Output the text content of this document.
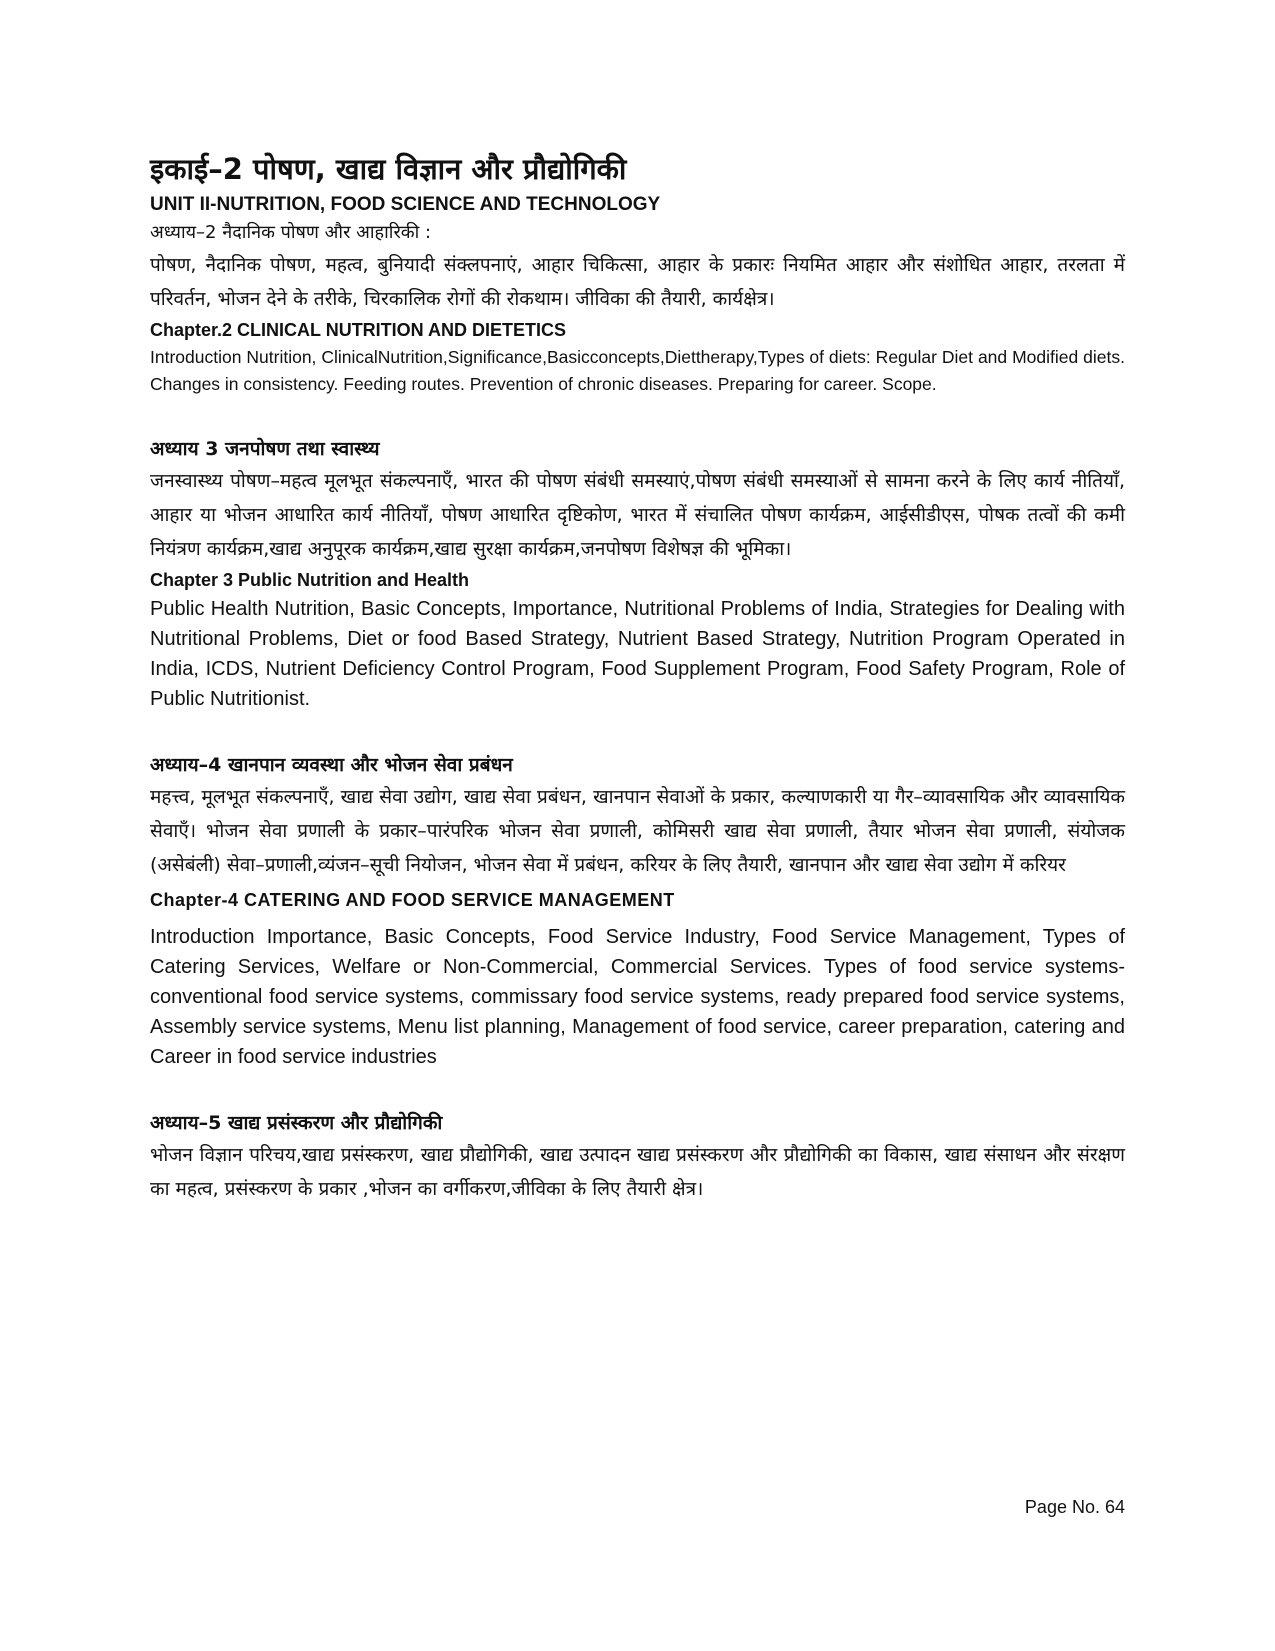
इकाई–2 पोषण, खाद्य विज्ञान और प्रौद्योगिकी
UNIT II-NUTRITION, FOOD SCIENCE AND TECHNOLOGY

अध्याय–2 नैदानिक पोषण और आहारिकी :

पोषण, नैदानिक पोषण, महत्व, बुनियादी संक्लपनाएं, आहार चिकित्सा, आहार के प्रकारः नियमित आहार और संशोधित आहार, तरलता में परिवर्तन, भोजन देने के तरीके, चिरकालिक रोगों की रोकथाम। जीविका की तैयारी, कार्यक्षेत्र।

Chapter.2 CLINICAL NUTRITION AND DIETETICS

Introduction Nutrition, ClinicalNutrition,Significance,Basicconcepts,Diettherapy,Types of diets: Regular Diet and Modified diets. Changes in consistency. Feeding routes. Prevention of chronic diseases. Preparing for career. Scope.

अध्याय 3 जनपोषण तथा स्वास्थ्य

जनस्वास्थ्य पोषण–महत्व मूलभूत संकल्पनाएँ, भारत की पोषण संबंधी समस्याएं,पोषण संबंधी समस्याओं से सामना करने के लिए कार्य नीतियाँ, आहार या भोजन आधारित कार्य नीतियाँ, पोषण आधारित दृष्टिकोण, भारत में संचालित पोषण कार्यक्रम, आईसीडीएस, पोषक तत्वों की कमी नियंत्रण कार्यक्रम,खाद्य अनुपूरक कार्यक्रम,खाद्य सुरक्षा कार्यक्रम,जनपोषण विशेषज्ञ की भूमिका।

Chapter 3 Public Nutrition and Health

Public Health Nutrition, Basic Concepts, Importance, Nutritional Problems of India, Strategies for Dealing with Nutritional Problems, Diet or food Based Strategy, Nutrient Based Strategy, Nutrition Program Operated in India, ICDS, Nutrient Deficiency Control Program, Food Supplement Program, Food Safety Program, Role of Public Nutritionist.

अध्याय–4 खानपान व्यवस्था और भोजन सेवा प्रबंधन

महत्त्व, मूलभूत संकल्पनाएँ, खाद्य सेवा उद्योग, खाद्य सेवा प्रबंधन, खानपान सेवाओं के प्रकार, कल्याणकारी या गैर–व्यावसायिक और व्यावसायिक सेवाएँ। भोजन सेवा प्रणाली के प्रकार–पारंपरिक भोजन सेवा प्रणाली, कोमिसरी खाद्य सेवा प्रणाली, तैयार भोजन सेवा प्रणाली, संयोजक (असेबंली) सेवा–प्रणाली,व्यंजन–सूची नियोजन, भोजन सेवा में प्रबंधन, करियर के लिए तैयारी, खानपान और खाद्य सेवा उद्योग में करियर

Chapter-4 CATERING AND FOOD SERVICE MANAGEMENT

Introduction Importance, Basic Concepts, Food Service Industry, Food Service Management, Types of Catering Services, Welfare or Non-Commercial, Commercial Services. Types of food service systems- conventional food service systems, commissary food service systems, ready prepared food service systems, Assembly service systems, Menu list planning, Management of food service, career preparation, catering and Career in food service industries

अध्याय–5 खाद्य प्रसंस्करण और प्रौद्योगिकी

भोजन विज्ञान परिचय,खाद्य प्रसंस्करण, खाद्य प्रौद्योगिकी, खाद्य उत्पादन खाद्य प्रसंस्करण और प्रौद्योगिकी का विकास, खाद्य संसाधन और संरक्षण का महत्व, प्रसंस्करण के प्रकार ,भोजन का वर्गीकरण,जीविका के लिए तैयारी क्षेत्र।

Page No. 64
